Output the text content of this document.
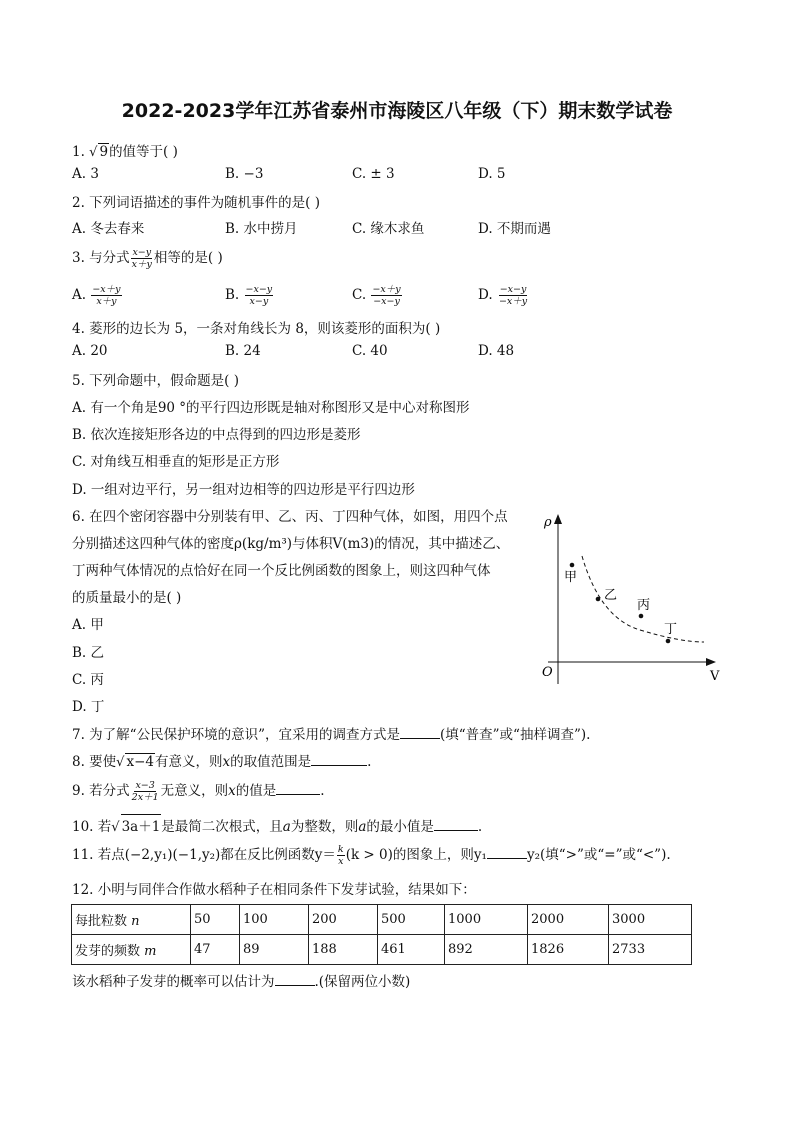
2022-2023学年江苏省泰州市海陵区八年级（下）期末数学试卷
1. √ 9的值等于( )
A. 3	B. −3	C. ± 3	D. 5
2. 下列词语描述的事件为随机事件的是( )
A. 冬去春来	B. 水中捞月	C. 缘木求鱼	D. 不期而遇
3. 与分式 $\frac{x-y}{x+y}$ 相等的是( )
A. $\frac{-x+y}{x+y}$	B. $\frac{-x-y}{x-y}$	C. $\frac{-x+y}{-x-y}$	D. $\frac{-x-y}{-x+y}$
4. 菱形的边长为 5，一条对角线长为 8，则该菱形的面积为( )
A. 20	B. 24	C. 40	D. 48
5. 下列命题中，假命题是( )
A. 有一个角是90 °的平行四边形既是轴对称图形又是中心对称图形
B. 依次连接矩形各边的中点得到的四边形是菱形
C. 对角线互相垂直的矩形是正方形
D. 一组对边平行，另一组对边相等的四边形是平行四边形
6. 在四个密闭容器中分别装有甲、乙、丙、丁四种气体，如图，用四个点
分别描述这四种气体的密度ρ(kg/m³)与体积V(m3)的情况，其中描述乙、
丁两种气体情况的点恰好在同一个反比例函数的图象上，则这四种气体
的质量最小的是( )
A. 甲
B. 乙
C. 丙
D. 丁
ρ
V
O
甲
乙
丙
丁
7. 为了解“公民保护环境的意识”，宜采用的调查方式是	(填“普查”或“抽样调查”).
8. 要使√ x−4有意义，则x的取值范围是	.
9. 若分式 $\frac{x-3}{2x+1}$ 无意义，则x的值是	.
10. 若√ 3a＋1是最简二次根式，且a为整数，则a的最小值是	.
11. 若点(−2,y₁)(−1,y₂)都在反比例函数$y= \frac{k}{x} (k > 0)$的图象上，则y₁	y₂(填“>”或“=”或“<”).
12. 小明与同伴合作做水稻种子在相同条件下发芽试验，结果如下：
每批粒数 n	50	100	200	500	1000	2000	3000
发芽的频数 m	47	89	188	461	892	1826	2733
该水稻种子发芽的概率可以估计为	.(保留两位小数)
